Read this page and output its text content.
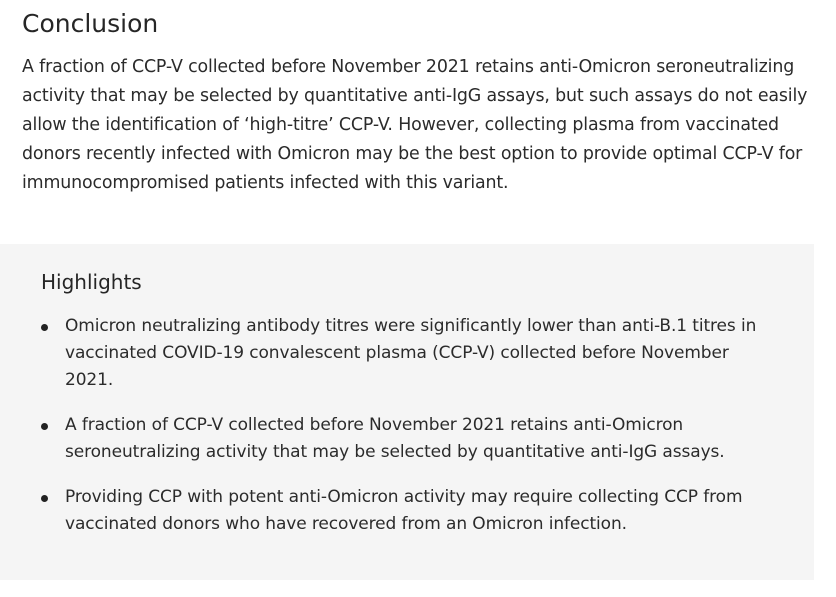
Conclusion

A fraction of CCP-V collected before November 2021 retains anti-Omicron seroneutralizing activity that may be selected by quantitative anti-IgG assays, but such assays do not easily allow the identification of ‘high-titre’ CCP-V. However, collecting plasma from vaccinated donors recently infected with Omicron may be the best option to provide optimal CCP-V for immunocompromised patients infected with this variant.

Highlights
Omicron neutralizing antibody titres were significantly lower than anti-B.1 titres in vaccinated COVID-19 convalescent plasma (CCP-V) collected before November 2021.
A fraction of CCP-V collected before November 2021 retains anti-Omicron seroneutralizing activity that may be selected by quantitative anti-IgG assays.
Providing CCP with potent anti-Omicron activity may require collecting CCP from vaccinated donors who have recovered from an Omicron infection.
